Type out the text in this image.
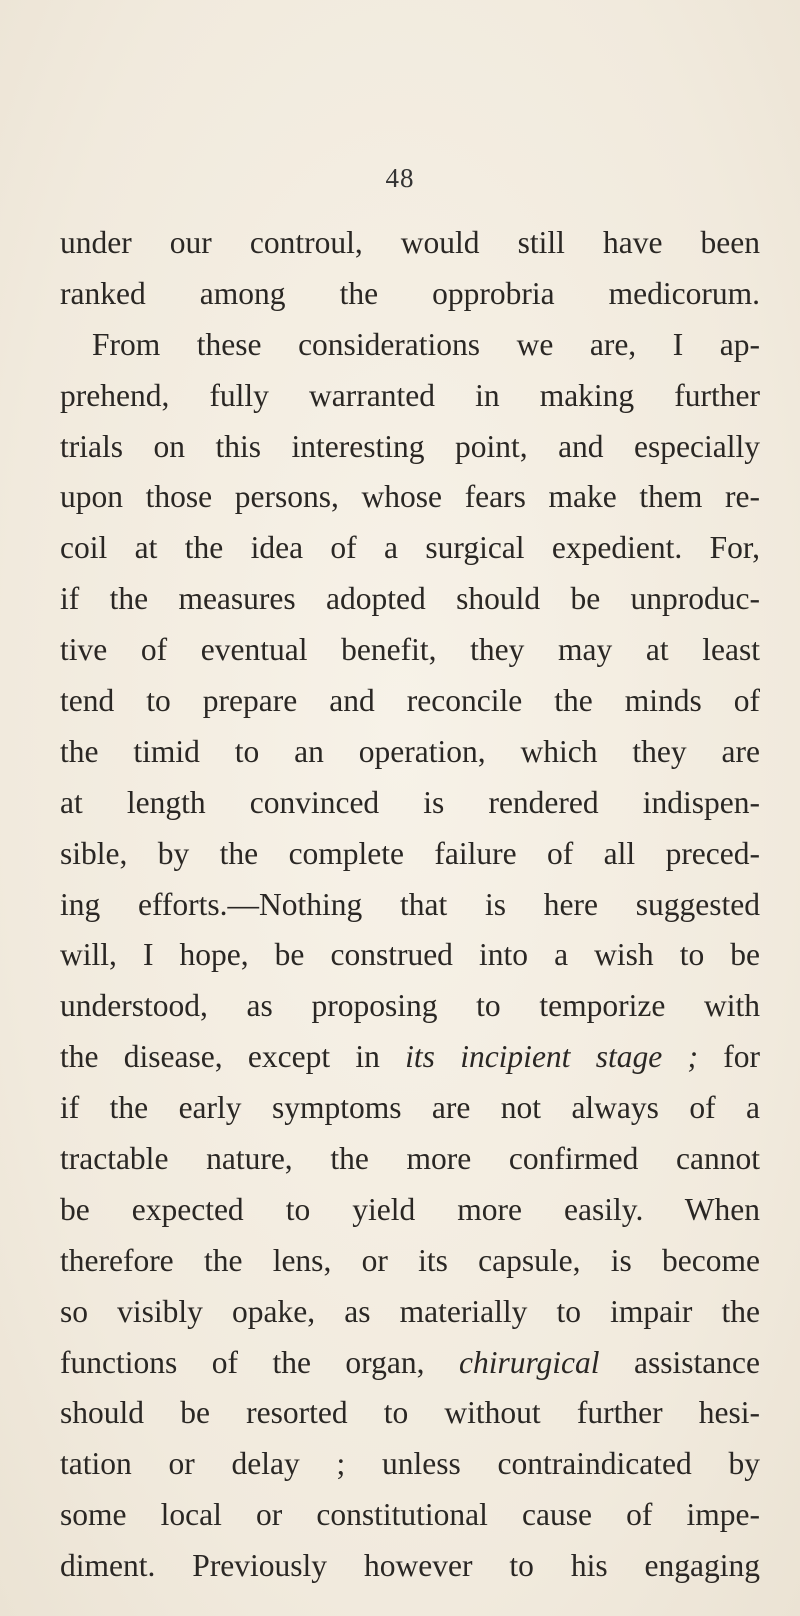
48
under our controul, would still have been
ranked among the opprobria medicorum.
From these considerations we are, I ap-
prehend, fully warranted in making further
trials on this interesting point, and especially
upon those persons, whose fears make them re-
coil at the idea of a surgical expedient. For,
if the measures adopted should be unproduc-
tive of eventual benefit, they may at least
tend to prepare and reconcile the minds of
the timid to an operation, which they are
at length convinced is rendered indispen-
sible, by the complete failure of all preced-
ing efforts.—Nothing that is here suggested
will, I hope, be construed into a wish to be
understood, as proposing to temporize with
the disease, except in its incipient stage ; for
if the early symptoms are not always of a
tractable nature, the more confirmed cannot
be expected to yield more easily. When
therefore the lens, or its capsule, is become
so visibly opake, as materially to impair the
functions of the organ, chirurgical assistance
should be resorted to without further hesi-
tation or delay ; unless contraindicated by
some local or constitutional cause of impe-
diment. Previously however to his engaging
